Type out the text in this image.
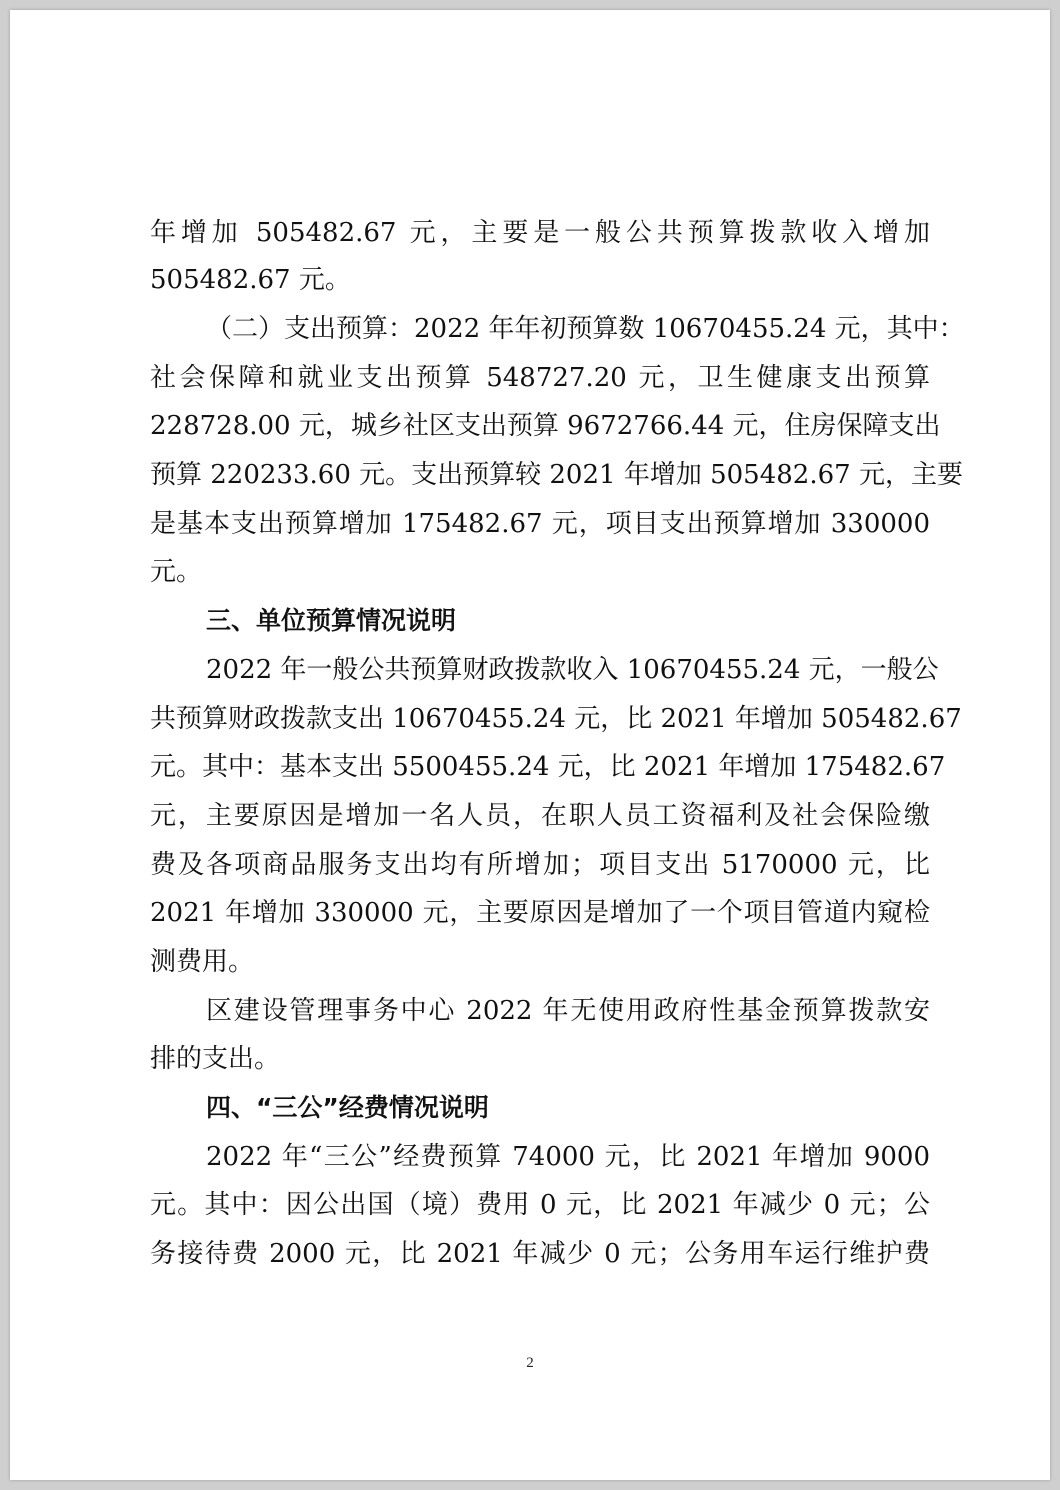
年增加 505482.67 元，主要是一般公共预算拨款收入增加
505482.67 元。
（二）支出预算：2022 年年初预算数 10670455.24 元，其中：
社会保障和就业支出预算 548727.20 元，卫生健康支出预算
228728.00 元，城乡社区支出预算 9672766.44 元，住房保障支出
预算 220233.60 元。支出预算较 2021 年增加 505482.67 元，主要
是基本支出预算增加 175482.67 元，项目支出预算增加 330000
元。
三、单位预算情况说明
2022 年一般公共预算财政拨款收入 10670455.24 元，一般公
共预算财政拨款支出 10670455.24 元，比 2021 年增加 505482.67
元。其中：基本支出 5500455.24 元，比 2021 年增加 175482.67
元，主要原因是增加一名人员，在职人员工资福利及社会保险缴
费及各项商品服务支出均有所增加；项目支出 5170000 元，比
2021 年增加 330000 元，主要原因是增加了一个项目管道内窥检
测费用。
区建设管理事务中心 2022 年无使用政府性基金预算拨款安
排的支出。
四、“三公”经费情况说明
2022 年“三公”经费预算 74000 元，比 2021 年增加 9000
元。其中：因公出国（境）费用 0 元，比 2021 年减少 0 元；公
务接待费 2000 元，比 2021 年减少 0 元；公务用车运行维护费
2
